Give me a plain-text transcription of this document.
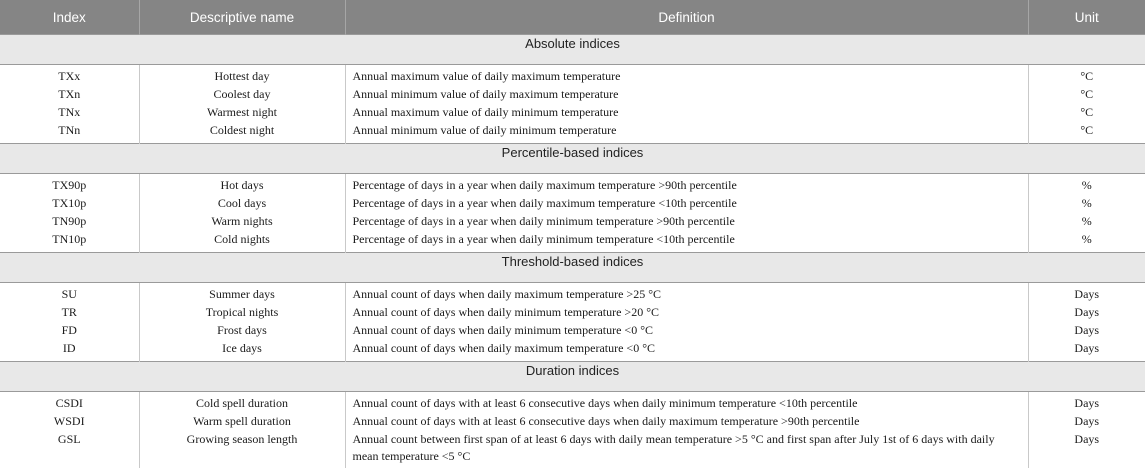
Index	Descriptive name	Definition	Unit
Absolute indices			
TXx	Hottest day	Annual maximum value of daily maximum temperature	°C
TXn	Coolest day	Annual minimum value of daily maximum temperature	°C
TNx	Warmest night	Annual maximum value of daily minimum temperature	°C
TNn	Coldest night	Annual minimum value of daily minimum temperature	°C
Percentile-based indices			
TX90p	Hot days	Percentage of days in a year when daily maximum temperature >90th percentile	%
TX10p	Cool days	Percentage of days in a year when daily maximum temperature <10th percentile	%
TN90p	Warm nights	Percentage of days in a year when daily minimum temperature >90th percentile	%
TN10p	Cold nights	Percentage of days in a year when daily minimum temperature <10th percentile	%
Threshold-based indices			
SU	Summer days	Annual count of days when daily maximum temperature >25 °C	Days
TR	Tropical nights	Annual count of days when daily minimum temperature >20 °C	Days
FD	Frost days	Annual count of days when daily minimum temperature <0 °C	Days
ID	Ice days	Annual count of days when daily maximum temperature <0 °C	Days
Duration indices			
CSDI	Cold spell duration	Annual count of days with at least 6 consecutive days when daily minimum temperature <10th percentile	Days
WSDI	Warm spell duration	Annual count of days with at least 6 consecutive days when daily maximum temperature >90th percentile	Days
GSL	Growing season length	Annual count between first span of at least 6 days with daily mean temperature >5 °C and first span after July 1st of 6 days with daily mean temperature <5 °C	Days
